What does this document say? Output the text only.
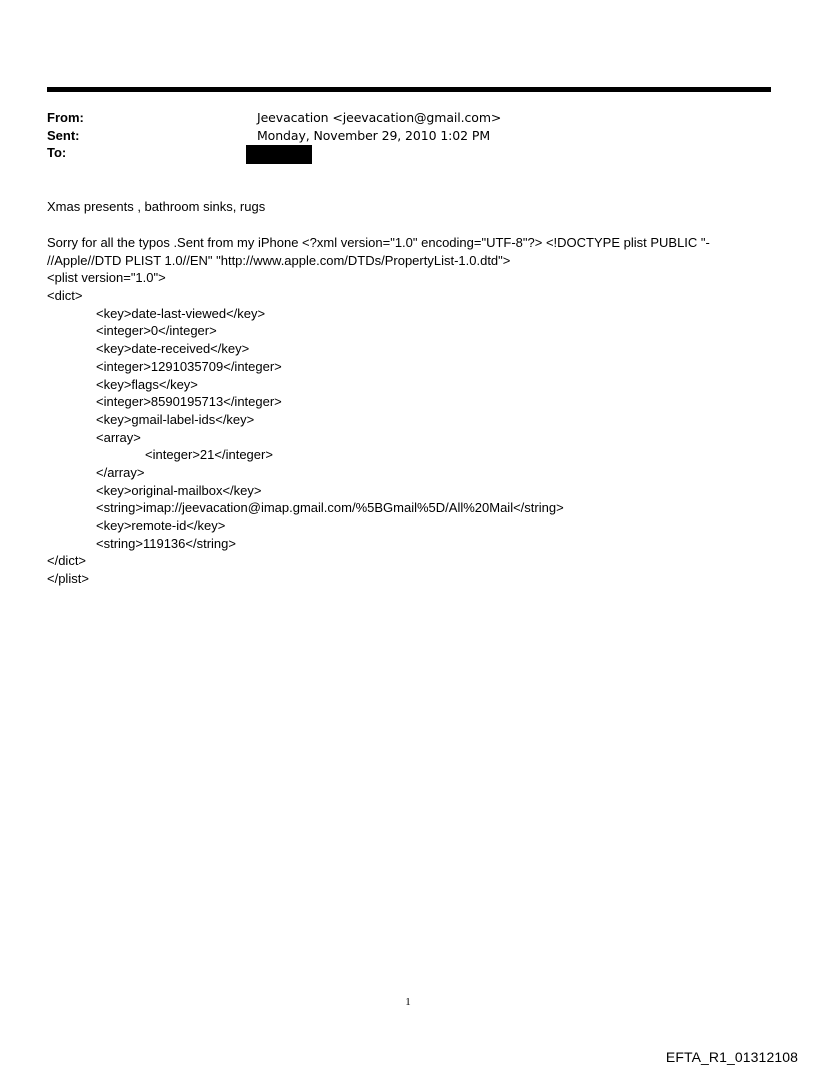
From:	Jeevacation <jeevacation@gmail.com>
Sent:	Monday, November 29, 2010 1:02 PM
To:
Xmas presents , bathroom sinks, rugs
Sorry for all the typos .Sent from my iPhone <?xml version="1.0" encoding="UTF-8"?> <!DOCTYPE plist PUBLIC "-
//Apple//DTD PLIST 1.0//EN" "http://www.apple.com/DTDs/PropertyList-1.0.dtd">
<plist version="1.0">
<dict>
<key>date-last-viewed</key>
<integer>0</integer>
<key>date-received</key>
<integer>1291035709</integer>
<key>flags</key>
<integer>8590195713</integer>
<key>gmail-label-ids</key>
<array>
<integer>21</integer>
</array>
<key>original-mailbox</key>
<string>imap://jeevacation@imap.gmail.com/%5BGmail%5D/All%20Mail</string>
<key>remote-id</key>
<string>119136</string>
</dict>
</plist>
1
EFTA_R1_01312108
